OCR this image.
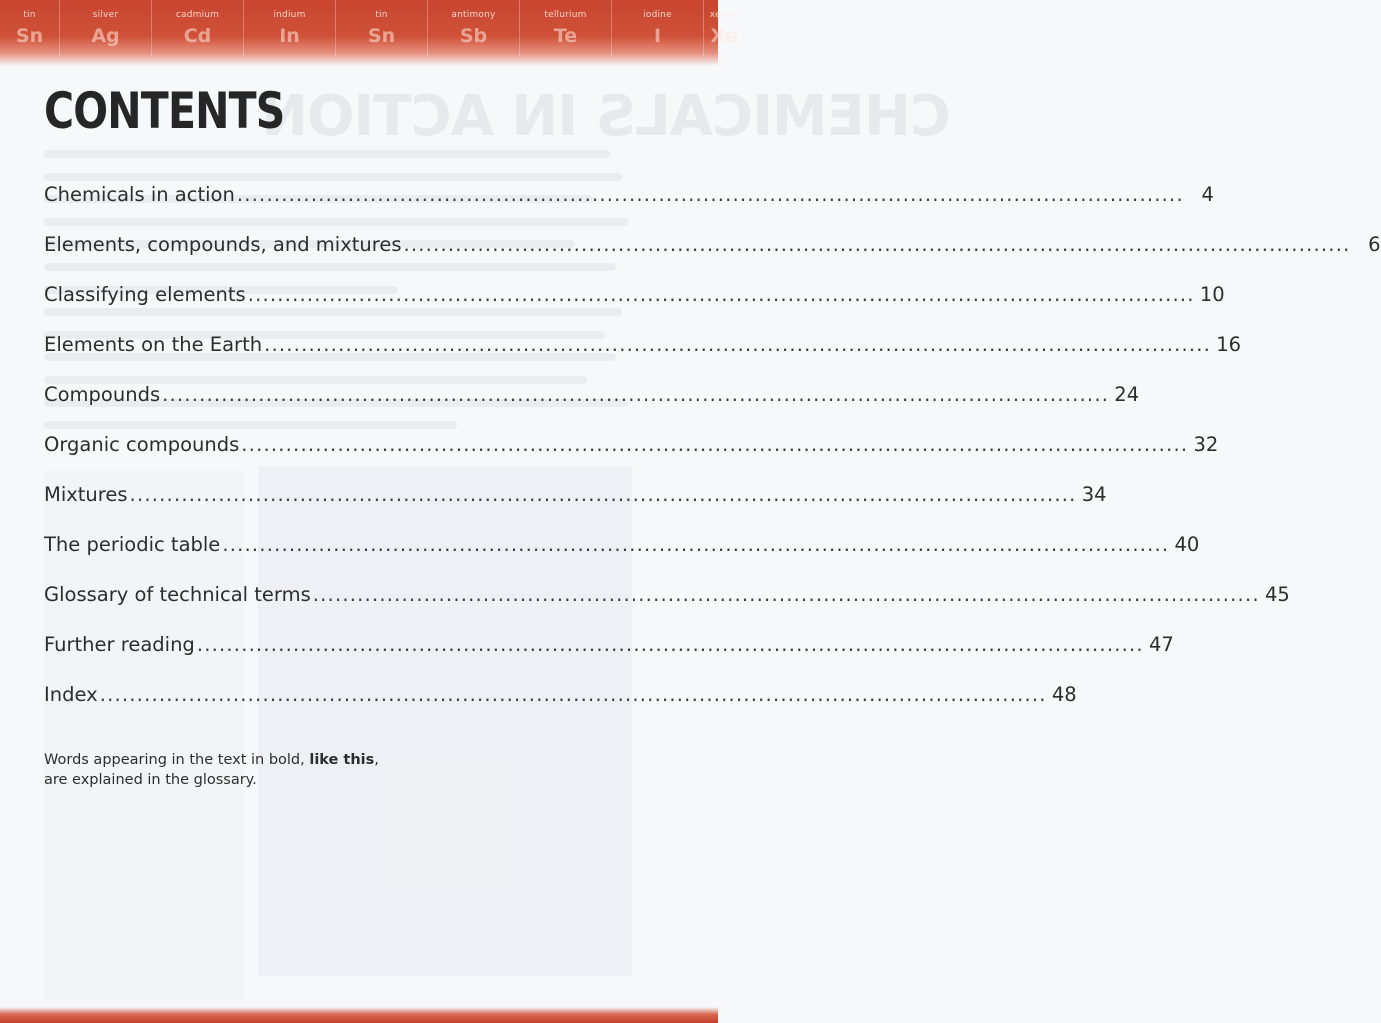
tin
Sn
silver
Ag
cadmium
Cd
indium
In
tin
Sn
antimony
Sb
tellurium
Te
iodine
I
xenon
Xe
CHEMICALS IN ACTION
CONTENTS
Chemicals in action .....	4
Elements, compounds, and mixtures .....	6
Classifying elements .....	10
Elements on the Earth .....	16
Compounds .....	24
Organic compounds .....	32
Mixtures .....	34
The periodic table .....	40
Glossary of technical terms .....	45
Further reading .....	47
Index .....	48

Words appearing in the text in bold, like this,
are explained in the glossary.
